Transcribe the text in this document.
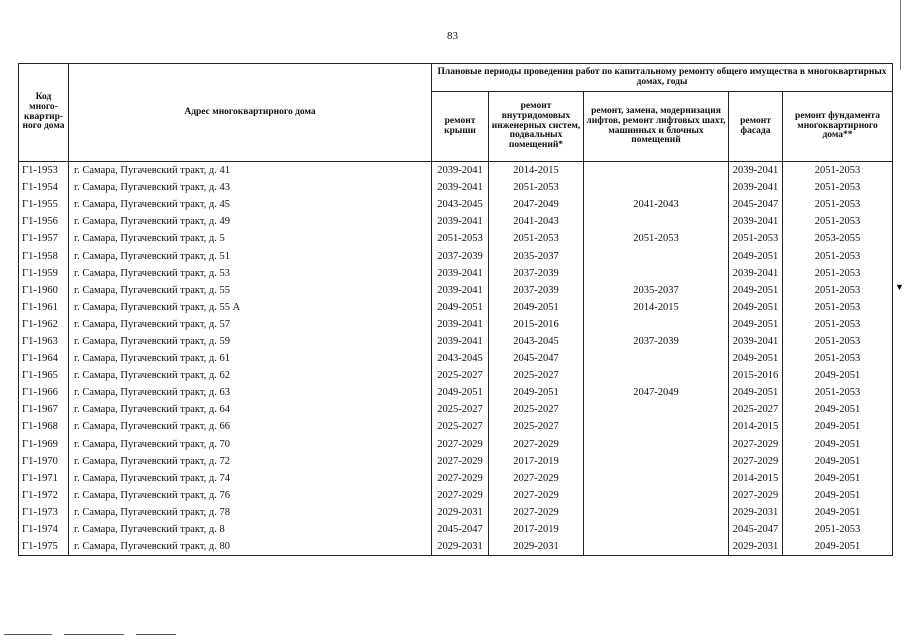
83
▼
Код много-квартир-ного дома	Адрес многоквартирного дома	Плановые периоды проведения работ по капитальному ремонту общего имущества в многоквартирных домах, годы				
		ремонт крыши	ремонт внутридомовых инженерных систем, подвальных помещений*	ремонт, замена, модернизация лифтов, ремонт лифтовых шахт, машинных и блочных помещений	ремонт фасада	ремонт фундамента многоквартирного дома**
Г1-1953	г. Самара, Пугачевский тракт, д. 41	2039-2041	2014-2015		2039-2041	2051-2053
Г1-1954	г. Самара, Пугачевский тракт, д. 43	2039-2041	2051-2053		2039-2041	2051-2053
Г1-1955	г. Самара, Пугачевский тракт, д. 45	2043-2045	2047-2049	2041-2043	2045-2047	2051-2053
Г1-1956	г. Самара, Пугачевский тракт, д. 49	2039-2041	2041-2043		2039-2041	2051-2053
Г1-1957	г. Самара, Пугачевский тракт, д. 5	2051-2053	2051-2053	2051-2053	2051-2053	2053-2055
Г1-1958	г. Самара, Пугачевский тракт, д. 51	2037-2039	2035-2037		2049-2051	2051-2053
Г1-1959	г. Самара, Пугачевский тракт, д. 53	2039-2041	2037-2039		2039-2041	2051-2053
Г1-1960	г. Самара, Пугачевский тракт, д. 55	2039-2041	2037-2039	2035-2037	2049-2051	2051-2053
Г1-1961	г. Самара, Пугачевский тракт, д. 55 А	2049-2051	2049-2051	2014-2015	2049-2051	2051-2053
Г1-1962	г. Самара, Пугачевский тракт, д. 57	2039-2041	2015-2016		2049-2051	2051-2053
Г1-1963	г. Самара, Пугачевский тракт, д. 59	2039-2041	2043-2045	2037-2039	2039-2041	2051-2053
Г1-1964	г. Самара, Пугачевский тракт, д. 61	2043-2045	2045-2047		2049-2051	2051-2053
Г1-1965	г. Самара, Пугачевский тракт, д. 62	2025-2027	2025-2027		2015-2016	2049-2051
Г1-1966	г. Самара, Пугачевский тракт, д. 63	2049-2051	2049-2051	2047-2049	2049-2051	2051-2053
Г1-1967	г. Самара, Пугачевский тракт, д. 64	2025-2027	2025-2027		2025-2027	2049-2051
Г1-1968	г. Самара, Пугачевский тракт, д. 66	2025-2027	2025-2027		2014-2015	2049-2051
Г1-1969	г. Самара, Пугачевский тракт, д. 70	2027-2029	2027-2029		2027-2029	2049-2051
Г1-1970	г. Самара, Пугачевский тракт, д. 72	2027-2029	2017-2019		2027-2029	2049-2051
Г1-1971	г. Самара, Пугачевский тракт, д. 74	2027-2029	2027-2029		2014-2015	2049-2051
Г1-1972	г. Самара, Пугачевский тракт, д. 76	2027-2029	2027-2029		2027-2029	2049-2051
Г1-1973	г. Самара, Пугачевский тракт, д. 78	2029-2031	2027-2029		2029-2031	2049-2051
Г1-1974	г. Самара, Пугачевский тракт, д. 8	2045-2047	2017-2019		2045-2047	2051-2053
Г1-1975	г. Самара, Пугачевский тракт, д. 80	2029-2031	2029-2031		2029-2031	2049-2051
